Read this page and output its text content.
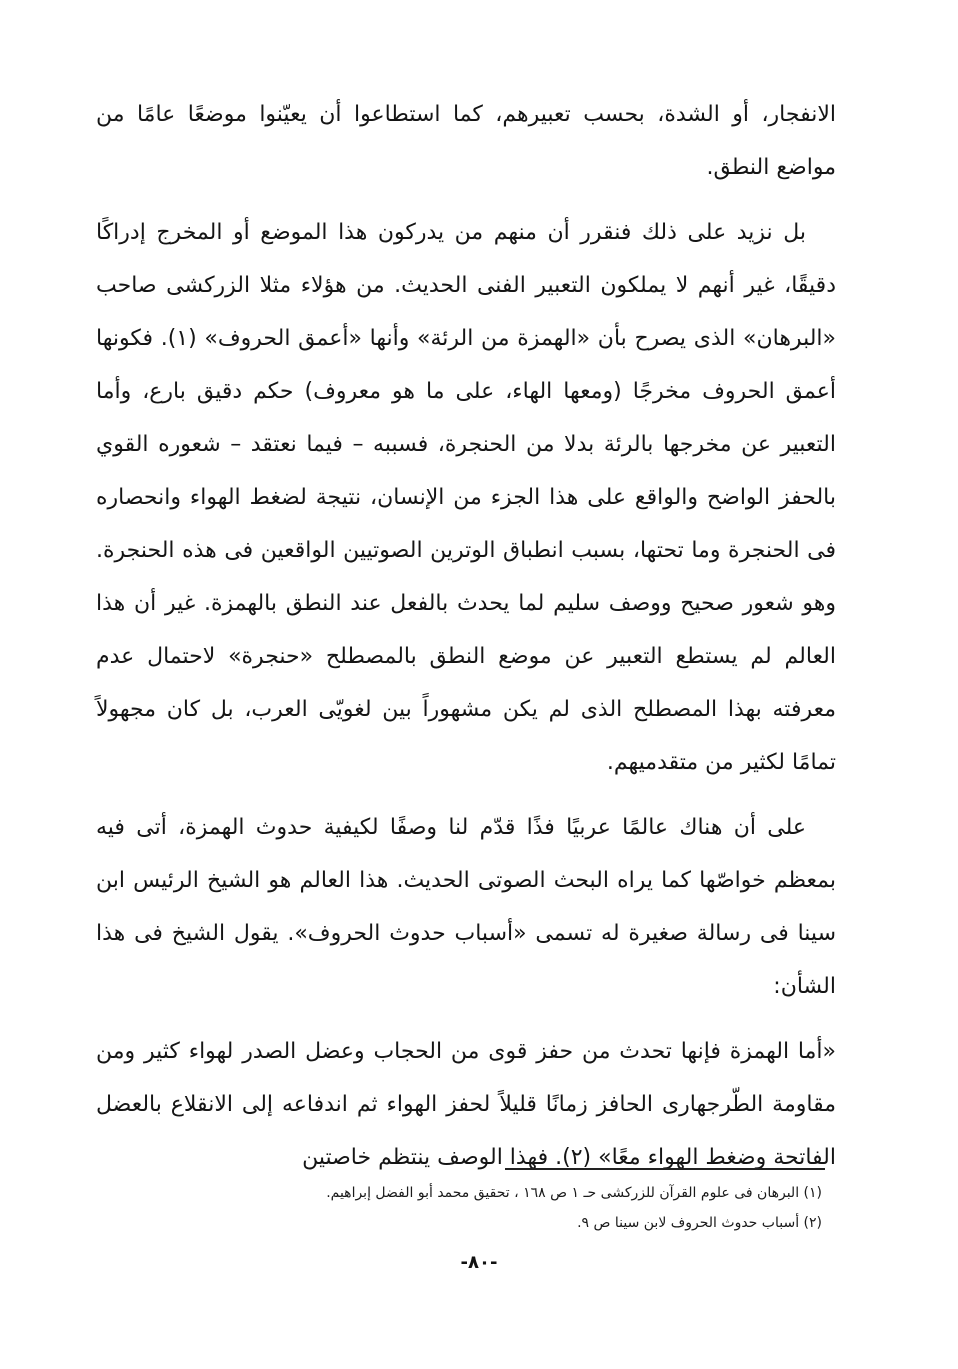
الانفجار، أو الشدة، بحسب تعبيرهم، كما استطاعوا أن يعيّنوا موضعًا عامًا من مواضع النطق.

بل نزيد على ذلك فنقرر أن منهم من يدركون هذا الموضع أو المخرج إدراكًا دقيقًا، غير أنهم لا يملكون التعبير الفنى الحديث. من هؤلاء مثلا الزركشى صاحب «البرهان» الذى يصرح بأن «الهمزة من الرئة» وأنها «أعمق الحروف» (١). فكونها أعمق الحروف مخرجًا (ومعها الهاء، على ما هو معروف) حكم دقيق بارع، وأما التعبير عن مخرجها بالرئة بدلا من الحنجرة، فسببه – فيما نعتقد – شعوره القوي بالحفز الواضح والواقع على هذا الجزء من الإنسان، نتيجة لضغط الهواء وانحصاره فى الحنجرة وما تحتها، بسبب انطباق الوترين الصوتيين الواقعين فى هذه الحنجرة. وهو شعور صحيح ووصف سليم لما يحدث بالفعل عند النطق بالهمزة. غير أن هذا العالم لم يستطع التعبير عن موضع النطق بالمصطلح «حنجرة» لاحتمال عدم معرفته بهذا المصطلح الذى لم يكن مشهوراً بين لغويّى العرب، بل كان مجهولاً تمامًا لكثير من متقدميهم.

على أن هناك عالمًا عربيًا فذًا قدّم لنا وصفًا لكيفية حدوث الهمزة، أتى فيه بمعظم خواصّها كما يراه البحث الصوتى الحديث. هذا العالم هو الشيخ الرئيس ابن سينا فى رسالة صغيرة له تسمى «أسباب حدوث الحروف». يقول الشيخ فى هذا الشأن:

«أما الهمزة فإنها تحدث من حفز قوى من الحجاب وعضل الصدر لهواء كثير ومن مقاومة الطّرجهارى الحافز زمانًا قليلاً لحفز الهواء ثم اندفاعه إلى الانقلاع بالعضل الفاتحة وضغط الهواء معًا» (٢). فهذا الوصف ينتظم خاصتين

(١) البرهان فى علوم القرآن للزركشى حـ ١ ص ١٦٨ ، تحقيق محمد أبو الفضل إبراهيم.

(٢) أسباب حدوث الحروف لابن سينا ص ٩.

-٨٠-
